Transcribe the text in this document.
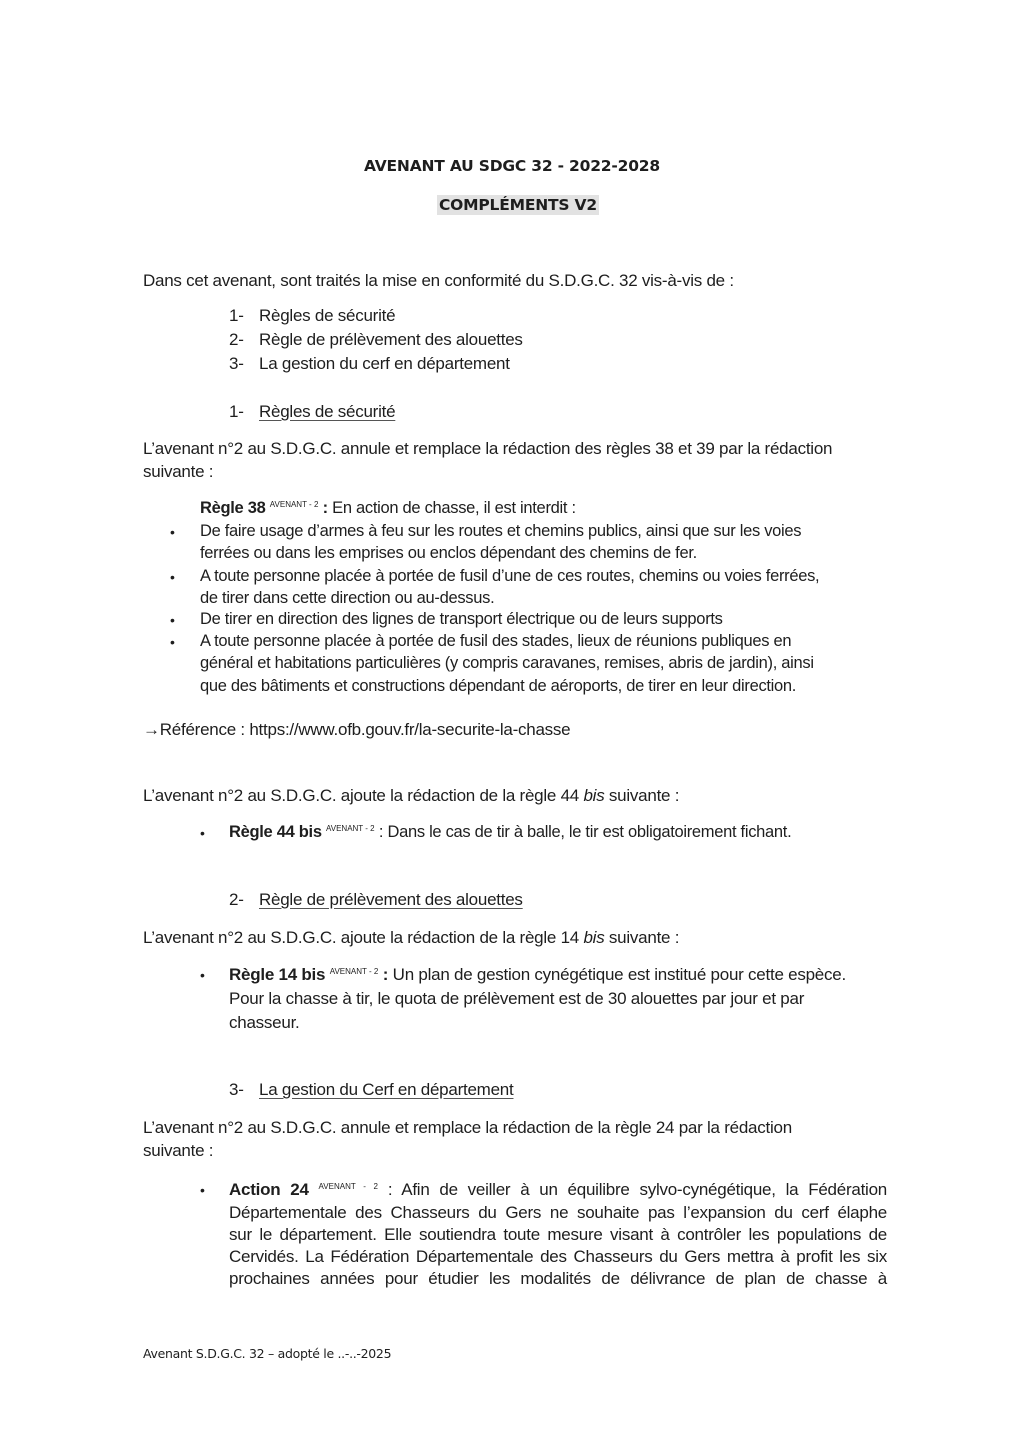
AVENANT AU SDGC 32 - 2022-2028
COMPLÉMENTS V2
Dans cet avenant, sont traités la mise en conformité du S.D.G.C. 32 vis-à-vis de :
1- Règles de sécurité
2- Règle de prélèvement des alouettes
3- La gestion du cerf en département
1- Règles de sécurité
L’avenant n°2 au S.D.G.C. annule et remplace la rédaction des règles 38 et 39 par la rédaction
suivante :
Règle 38 $^{AVENANT - 2}$ : En action de chasse, il est interdit :
• De faire usage d’armes à feu sur les routes et chemins publics, ainsi que sur les voies
ferrées ou dans les emprises ou enclos dépendant des chemins de fer.
• A toute personne placée à portée de fusil d’une de ces routes, chemins ou voies ferrées,
de tirer dans cette direction ou au-dessus.
• De tirer en direction des lignes de transport électrique ou de leurs supports
• A toute personne placée à portée de fusil des stades, lieux de réunions publiques en
général et habitations particulières (y compris caravanes, remises, abris de jardin), ainsi
que des bâtiments et constructions dépendant de aéroports, de tirer en leur direction.
→Référence : https://www.ofb.gouv.fr/la-securite-la-chasse
L’avenant n°2 au S.D.G.C. ajoute la rédaction de la règle 44 bis suivante :
• Règle 44 bis $^{AVENANT - 2}$ : Dans le cas de tir à balle, le tir est obligatoirement fichant.
2- Règle de prélèvement des alouettes
L’avenant n°2 au S.D.G.C. ajoute la rédaction de la règle 14 bis suivante :
• Règle 14 bis $^{AVENANT - 2}$ : Un plan de gestion cynégétique est institué pour cette espèce.
Pour la chasse à tir, le quota de prélèvement est de 30 alouettes par jour et par
chasseur.
3- La gestion du Cerf en département
L’avenant n°2 au S.D.G.C. annule et remplace la rédaction de la règle 24 par la rédaction
suivante :
• Action 24 $^{AVENANT - 2}$ : Afin de veiller à un équilibre sylvo-cynégétique, la Fédération
Départementale des Chasseurs du Gers ne souhaite pas l’expansion du cerf élaphe
sur le département. Elle soutiendra toute mesure visant à contrôler les populations de
Cervidés. La Fédération Départementale des Chasseurs du Gers mettra à profit les six
prochaines années pour étudier les modalités de délivrance de plan de chasse à
Avenant S.D.G.C. 32 – adopté le ..-..-2025
